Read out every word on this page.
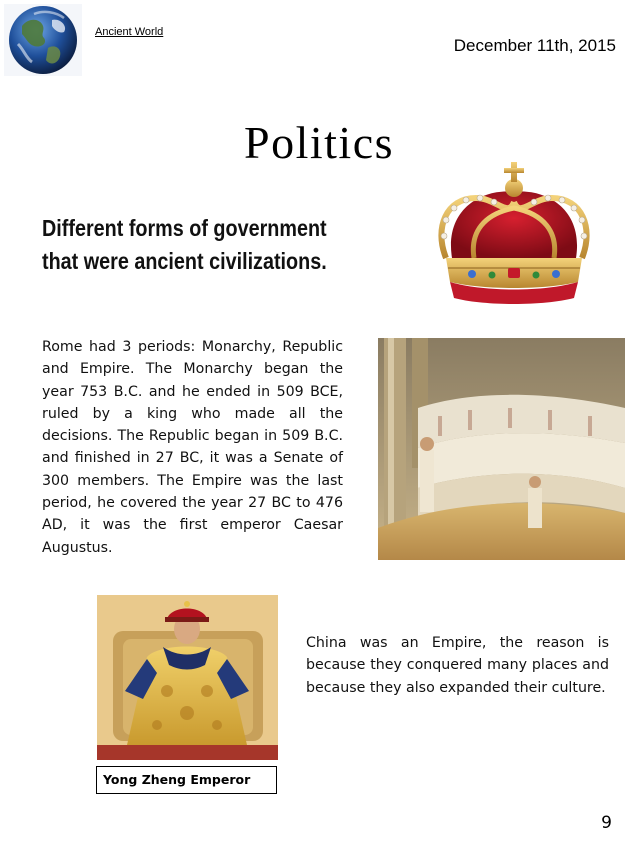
Ancient World
December 11th, 2015
Politics
Different forms of government
that were ancient civilizations.
Rome had 3 periods: Monarchy, Republic and Empire. The Monarchy began the year 753 B.C. and he ended in 509 BCE, ruled by a king who made all the decisions. The Republic began in 509 B.C. and finished in 27 BC, it was a Senate of 300 members. The Empire was the last period, he covered the year 27 BC to 476 AD, it was the first emperor Caesar Augustus.
Yong Zheng Emperor
China was an Empire, the reason is because they conquered many places and because they also expanded their culture.
9
